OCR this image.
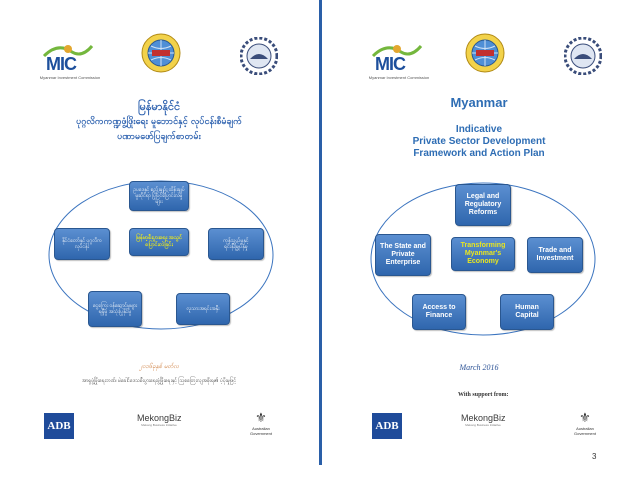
MIC
Myanmar Investment Commission
မြန်မာနိုင်ငံ
ပုဂ္ဂလိကကဏ္ဍဖွံ့ဖြိုးရေး မူဘောင်နှင့် လုပ်ငန်းစီမံချက်
ပဏာမဖော်ပြချက်စာတမ်း
ဥပဒေနှင့် စည်းမျဉ်း ထိန်းချုပ်မှုဆိုင်ရာ ပြုပြင်ပြောင်းလဲမှုများ
မြန်မာ့စီးပွားရေး အသွင်ပြောင်းလဲခြင်း
နိုင်ငံတော်နှင့် ပုဂ္ဂလိကလုပ်ငန်း
ကုန်သွယ်မှုနှင့် ရင်းနှီးမြှုပ်နှံမှု
ငွေကြေး ဝန်ဆောင်မှုများ ရရှိမှု အသုံးပြုနိုင်မှု	လူသားအရင်းအနှီး
၂၀၁၆ခုနှစ် မတ်လ
အာရှဖွံ့ဖြိုးရေးဘဏ်၊ မဲခေါင်ဒေသစီးပွားရေးဖွံ့ဖြိုးရေးနှင့် ဩစတြေးလျအစိုးရ၏ ပံ့ပိုးမှုဖြင့်
ADB
MekongBiz
Mekong Business Initiative	⚜
Australian Government
MIC
Myanmar Investment Commission
Myanmar
Indicative
Private Sector Development
Framework and Action Plan
Legal and Regulatory Reforms
Transforming Myanmar's Economy
The State and Private Enterprise
Trade and Investment
Access to Finance
Human Capital
March 2016
With support from:
ADB
MekongBiz
Mekong Business Initiative	⚜
Australian Government
3
